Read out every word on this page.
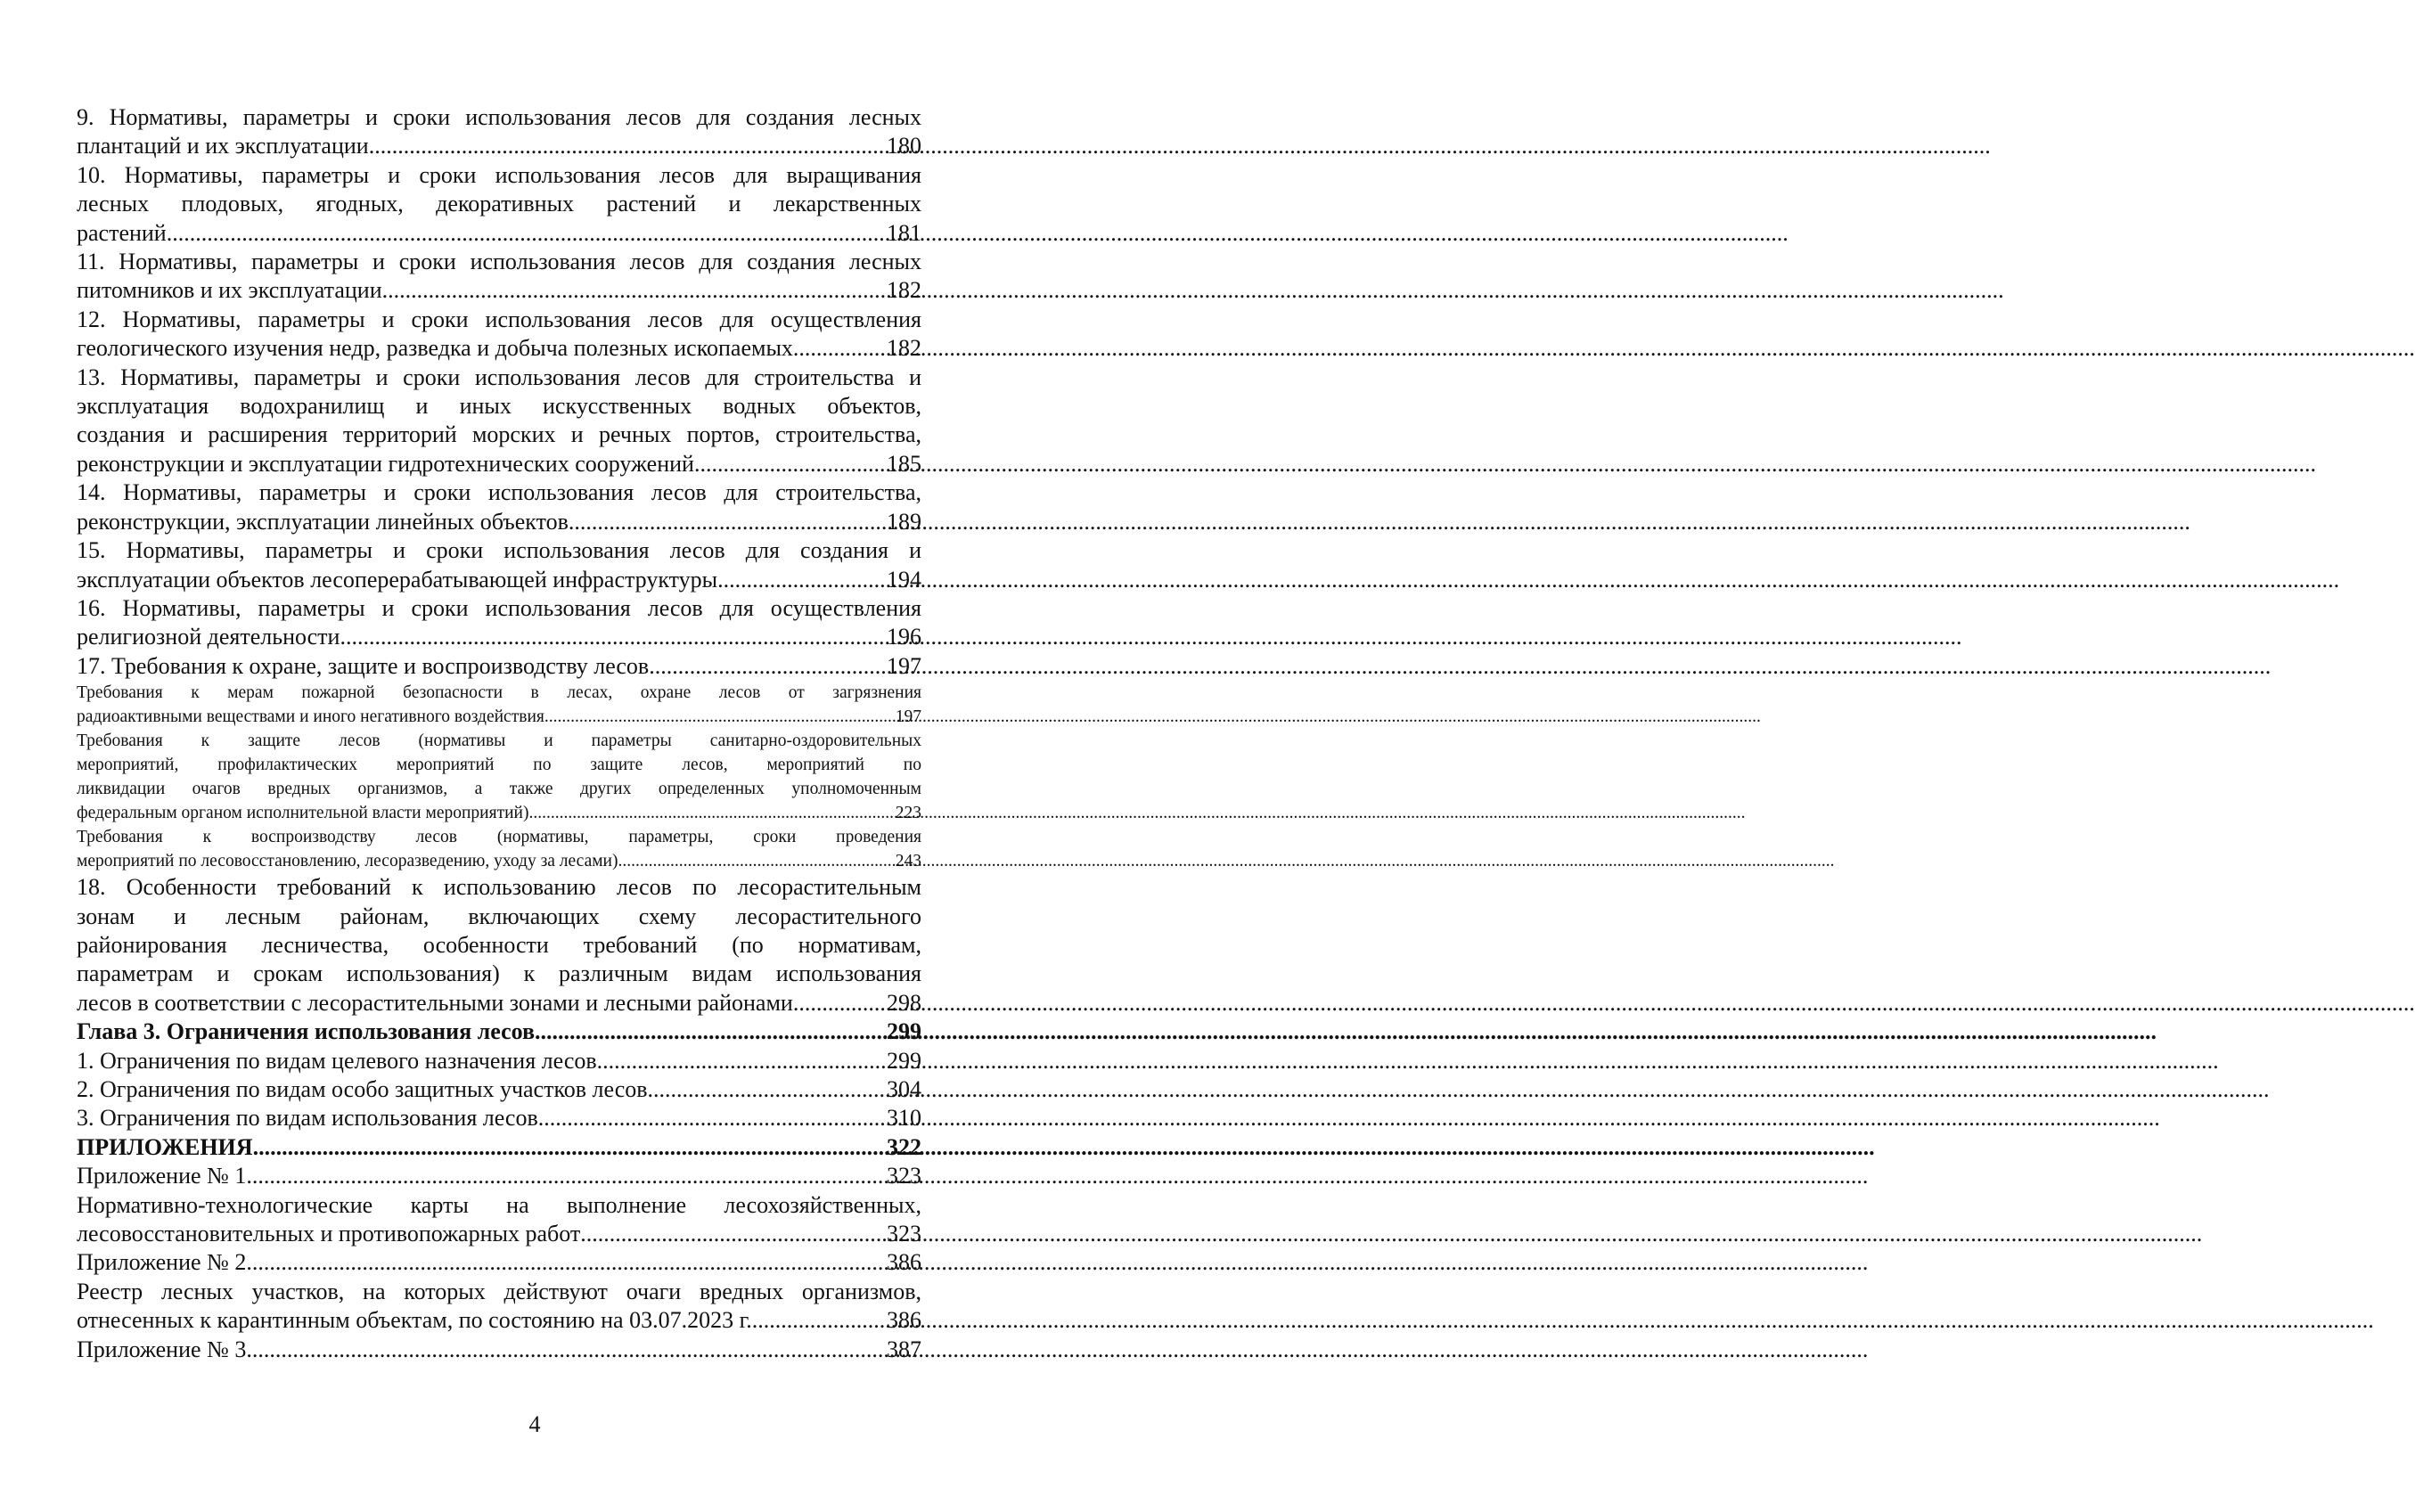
9. Нормативы, параметры и сроки использования лесов для создания лесных
плантаций и их эксплуатации .....	180
10. Нормативы, параметры и сроки использования лесов для выращивания
лесных плодовых, ягодных, декоративных растений и лекарственных
растений .....	181
11. Нормативы, параметры и сроки использования лесов для создания лесных
питомников и их эксплуатации .....	182
12. Нормативы, параметры и сроки использования лесов для осуществления
геологического изучения недр, разведка и добыча полезных ископаемых .....	182
13. Нормативы, параметры и сроки использования лесов для строительства и
эксплуатация водохранилищ и иных искусственных водных объектов,
создания и расширения территорий морских и речных портов, строительства,
реконструкции и эксплуатации гидротехнических сооружений .....	185
14. Нормативы, параметры и сроки использования лесов для строительства,
реконструкции, эксплуатации линейных объектов .....	189
15. Нормативы, параметры и сроки использования лесов для создания и
эксплуатации объектов лесоперерабатывающей инфраструктуры .....	194
16. Нормативы, параметры и сроки использования лесов для осуществления
религиозной деятельности .....	196
17. Требования к охране, защите и воспроизводству лесов .....	197
Требования к мерам пожарной безопасности в лесах, охране лесов от загрязнения
радиоактивными веществами и иного негативного воздействия .....	197
Требования к защите лесов (нормативы и параметры санитарно-оздоровительных
мероприятий, профилактических мероприятий по защите лесов, мероприятий по
ликвидации очагов вредных организмов, а также других определенных уполномоченным
федеральным органом исполнительной власти мероприятий) .....	223
Требования к воспроизводству лесов (нормативы, параметры, сроки проведения
мероприятий по лесовосстановлению, лесоразведению, уходу за лесами) .....	243
18. Особенности требований к использованию лесов по лесорастительным
зонам и лесным районам, включающих схему лесорастительного
районирования лесничества, особенности требований (по нормативам,
параметрам и срокам использования) к различным видам использования
лесов в соответствии с лесорастительными зонами и лесными районами .....	298
Глава 3. Ограничения использования лесов .....	299
1. Ограничения по видам целевого назначения лесов .....	299
2. Ограничения по видам особо защитных участков лесов .....	304
3. Ограничения по видам использования лесов .....	310
ПРИЛОЖЕНИЯ .....	322
Приложение № 1 .....	323
Нормативно-технологические карты на выполнение лесохозяйственных,
лесовосстановительных и противопожарных работ .....	323
Приложение № 2 .....	386
Реестр лесных участков, на которых действуют очаги вредных организмов,
отнесенных к карантинным объектам, по состоянию на 03.07.2023 г. .....	386
Приложение № 3 .....	387
4
